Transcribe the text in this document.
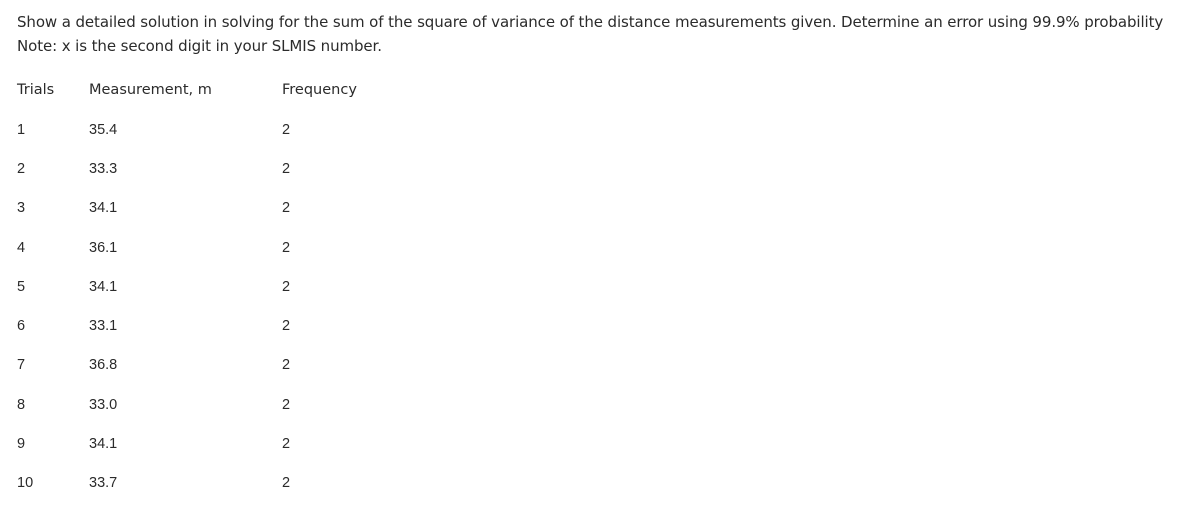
Show a detailed solution in solving for the sum of the square of variance of the distance measurements given. Determine an error using 99.9% probability
Note: x is the second digit in your SLMIS number.
Trials	Measurement, m	Frequency
1	35.4	2
2	33.3	2
3	34.1	2
4	36.1	2
5	34.1	2
6	33.1	2
7	36.8	2
8	33.0	2
9	34.1	2
10	33.7	2
